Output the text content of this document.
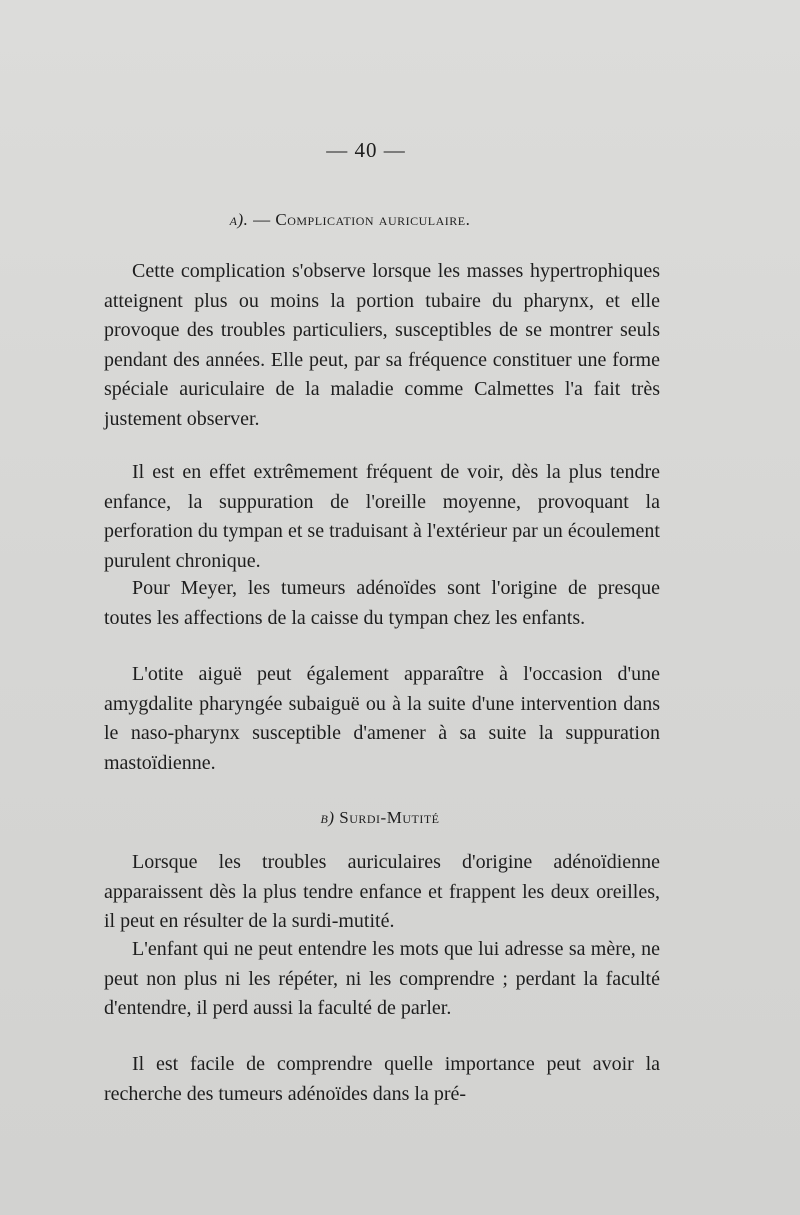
— 40 —
a). — Complication auriculaire.

Cette complication s'observe lorsque les masses hypertrophiques atteignent plus ou moins la portion tubaire du pharynx, et elle provoque des troubles particuliers, susceptibles de se montrer seuls pendant des années. Elle peut, par sa fréquence constituer une forme spéciale auriculaire de la maladie comme Calmettes l'a fait très justement observer.

Il est en effet extrêmement fréquent de voir, dès la plus tendre enfance, la suppuration de l'oreille moyenne, provoquant la perforation du tympan et se traduisant à l'extérieur par un écoulement purulent chronique.

Pour Meyer, les tumeurs adénoïdes sont l'origine de presque toutes les affections de la caisse du tympan chez les enfants.

L'otite aiguë peut également apparaître à l'occasion d'une amygdalite pharyngée subaiguë ou à la suite d'une intervention dans le naso-pharynx susceptible d'amener à sa suite la suppuration mastoïdienne.

b) Surdi-Mutité

Lorsque les troubles auriculaires d'origine adénoïdienne apparaissent dès la plus tendre enfance et frappent les deux oreilles, il peut en résulter de la surdi-mutité.

L'enfant qui ne peut entendre les mots que lui adresse sa mère, ne peut non plus ni les répéter, ni les comprendre ; perdant la faculté d'entendre, il perd aussi la faculté de parler.

Il est facile de comprendre quelle importance peut avoir la recherche des tumeurs adénoïdes dans la pré-
